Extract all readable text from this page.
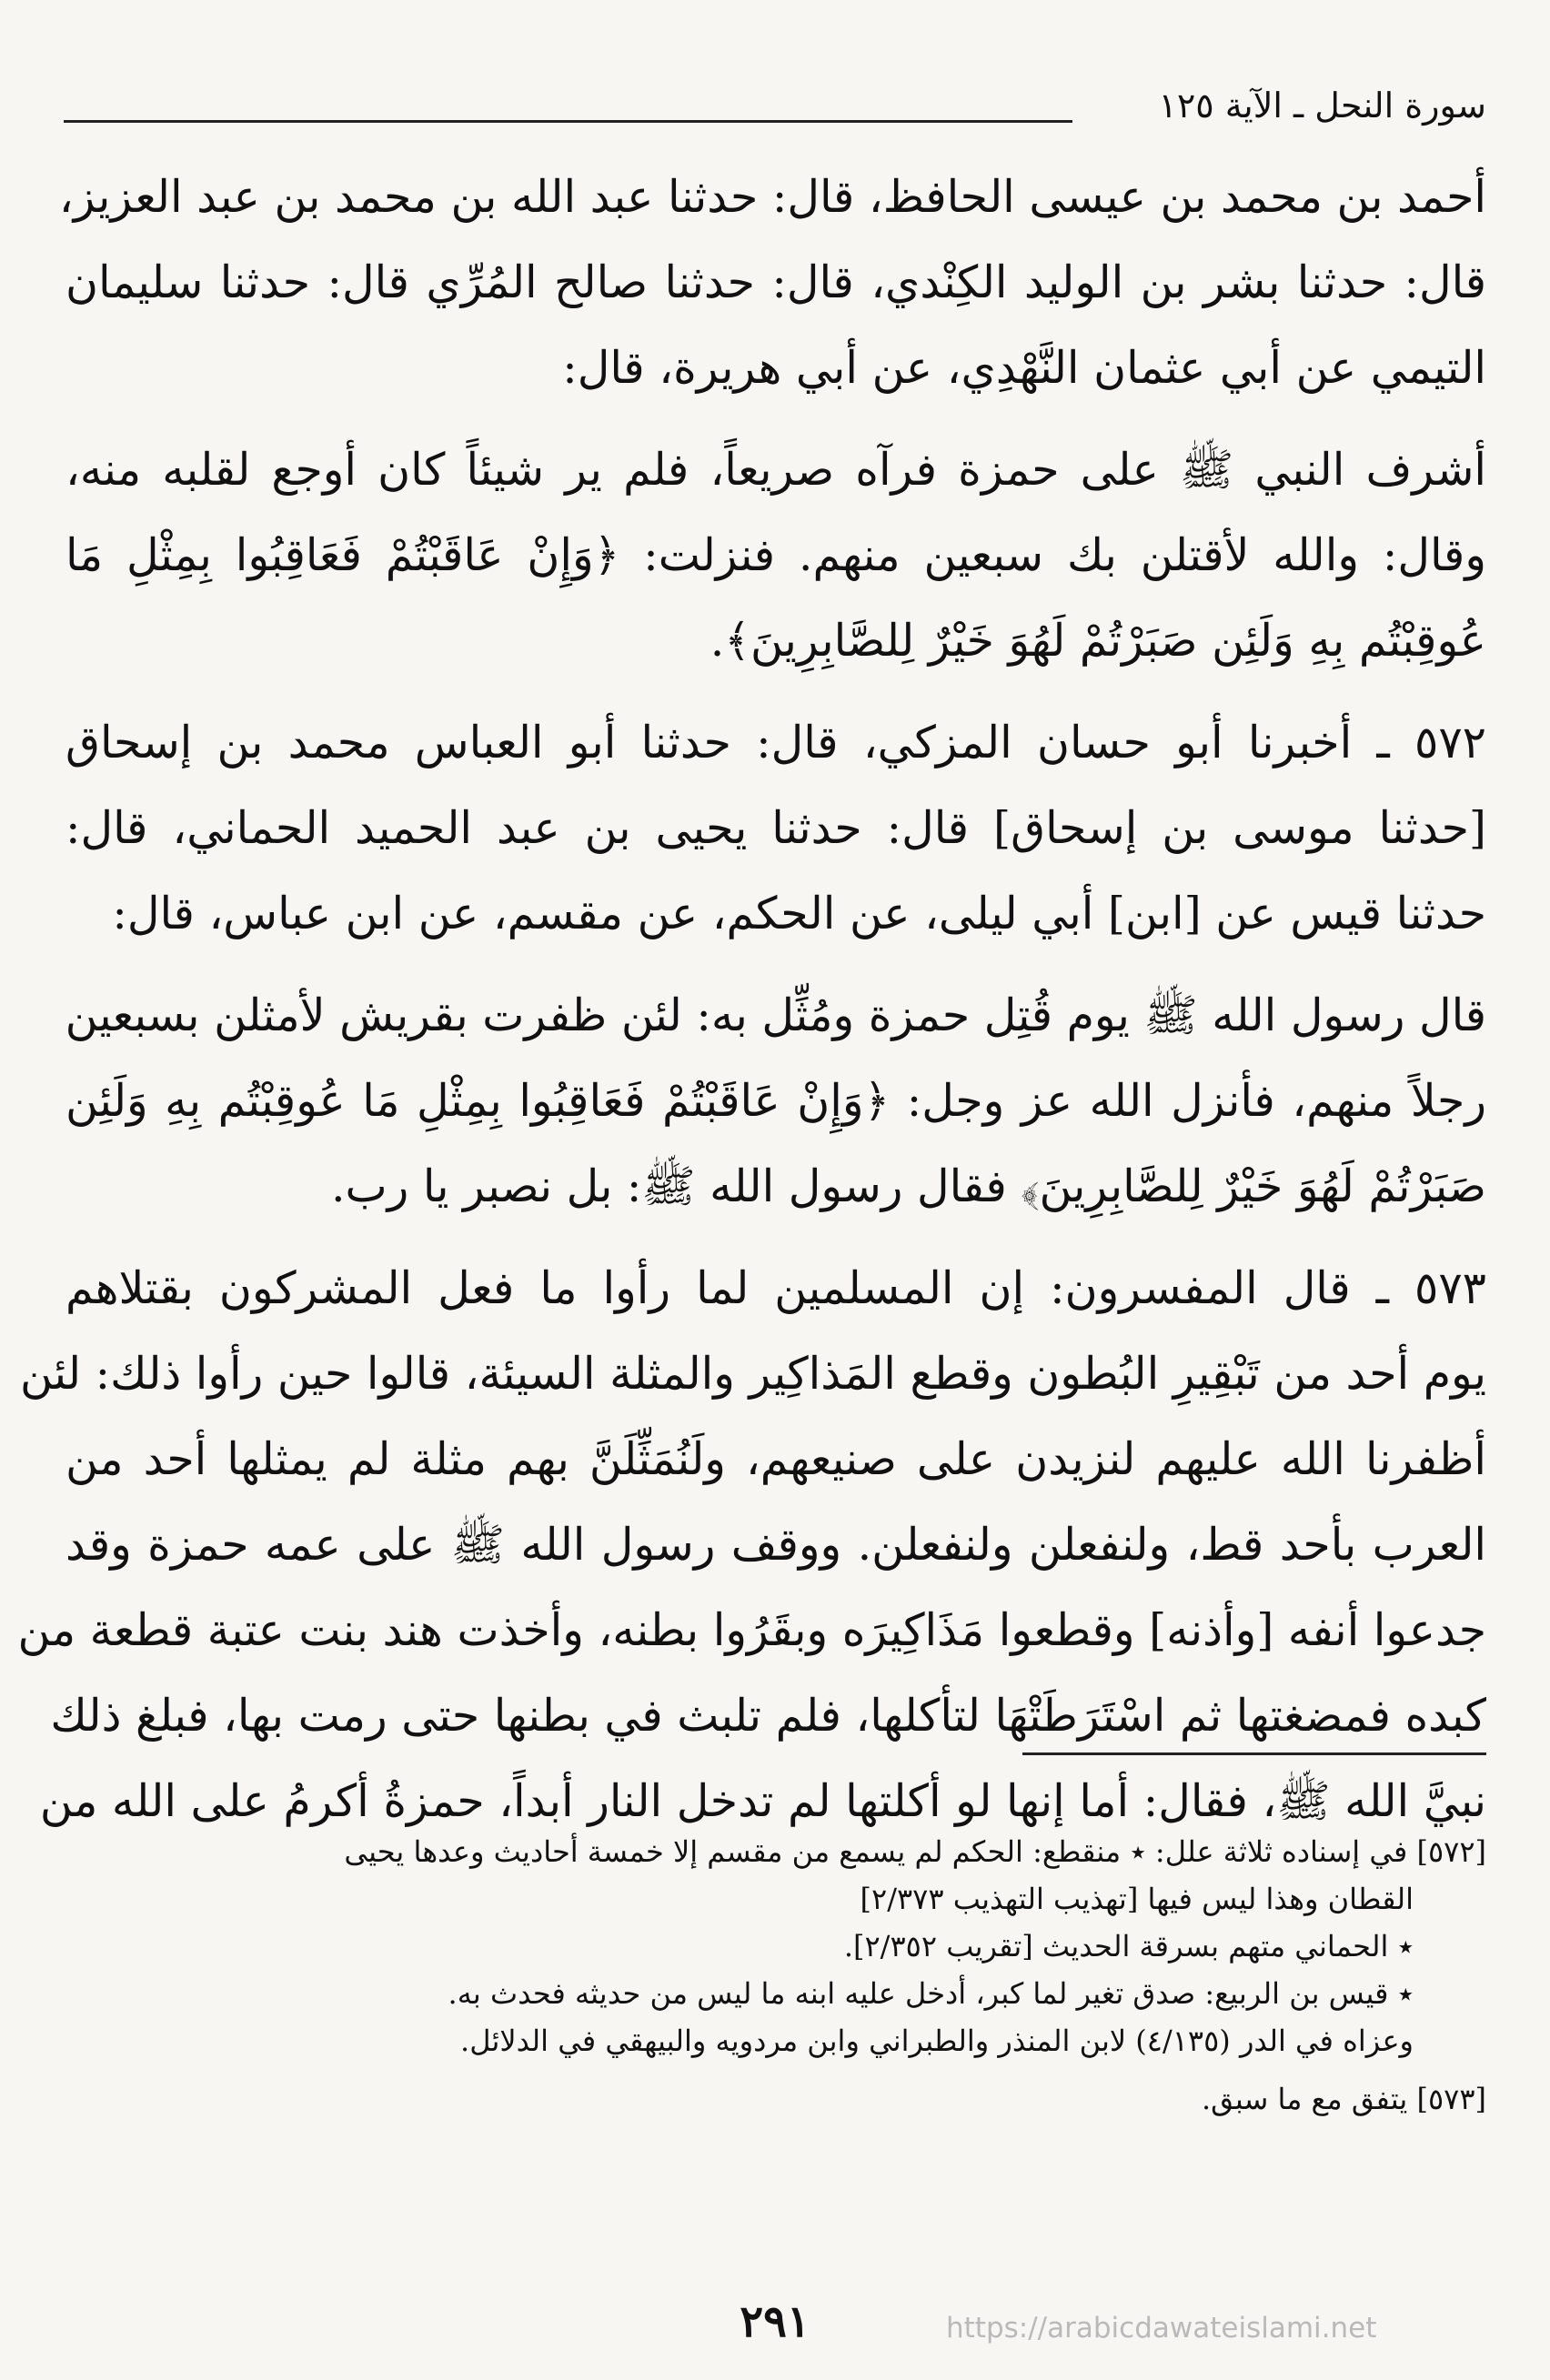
سورة النحل ـ الآية ١٢٥
أحمد بن محمد بن عيسى الحافظ، قال: حدثنا عبد الله بن محمد بن عبد العزيز،
قال: حدثنا بشر بن الوليد الكِنْدي، قال: حدثنا صالح المُرِّي قال: حدثنا سليمان
التيمي عن أبي عثمان النَّهْدِي، عن أبي هريرة، قال:
أشرف النبي ﷺ على حمزة فرآه صريعاً، فلم ير شيئاً كان أوجع لقلبه منه،
وقال: والله لأقتلن بك سبعين منهم. فنزلت: ﴿وَإِنْ عَاقَبْتُمْ فَعَاقِبُوا بِمِثْلِ مَا
عُوقِبْتُم بِهِ وَلَئِن صَبَرْتُمْ لَهُوَ خَيْرٌ لِلصَّابِرِينَ﴾.
٥٧٢ ـ أخبرنا أبو حسان المزكي، قال: حدثنا أبو العباس محمد بن إسحاق
[حدثنا موسى بن إسحاق] قال: حدثنا يحيى بن عبد الحميد الحماني، قال:
حدثنا قيس عن [ابن] أبي ليلى، عن الحكم، عن مقسم، عن ابن عباس، قال:
قال رسول الله ﷺ يوم قُتِل حمزة ومُثِّل به: لئن ظفرت بقريش لأمثلن بسبعين
رجلاً منهم، فأنزل الله عز وجل: ﴿وَإِنْ عَاقَبْتُمْ فَعَاقِبُوا بِمِثْلِ مَا عُوقِبْتُم بِهِ وَلَئِن
صَبَرْتُمْ لَهُوَ خَيْرٌ لِلصَّابِرِينَ﴾ فقال رسول الله ﷺ: بل نصبر يا رب.
٥٧٣ ـ قال المفسرون: إن المسلمين لما رأوا ما فعل المشركون بقتلاهم
يوم أحد من تَبْقِيرِ البُطون وقطع المَذاكِير والمثلة السيئة، قالوا حين رأوا ذلك: لئن
أظفرنا الله عليهم لنزيدن على صنيعهم، ولَنُمَثِّلَنَّ بهم مثلة لم يمثلها أحد من
العرب بأحد قط، ولنفعلن ولنفعلن. ووقف رسول الله ﷺ على عمه حمزة وقد
جدعوا أنفه [وأذنه] وقطعوا مَذَاكِيرَه وبقَرُوا بطنه، وأخذت هند بنت عتبة قطعة من
كبده فمضغتها ثم اسْتَرَطَتْهَا لتأكلها، فلم تلبث في بطنها حتى رمت بها، فبلغ ذلك
نبيَّ الله ﷺ، فقال: أما إنها لو أكلتها لم تدخل النار أبداً، حمزةُ أكرمُ على الله من
[٥٧٢] في إسناده ثلاثة علل: ٭ منقطع: الحكم لم يسمع من مقسم إلا خمسة أحاديث وعدها يحيى
القطان وهذا ليس فيها [تهذيب التهذيب ٢/٣٧٣]
٭ الحماني متهم بسرقة الحديث [تقريب ٢/٣٥٢].
٭ قيس بن الربيع: صدق تغير لما كبر، أدخل عليه ابنه ما ليس من حديثه فحدث به.
وعزاه في الدر (٤/١٣٥) لابن المنذر والطبراني وابن مردويه والبيهقي في الدلائل.
[٥٧٣] يتفق مع ما سبق.
٢٩١	https://arabicdawateislami.net
